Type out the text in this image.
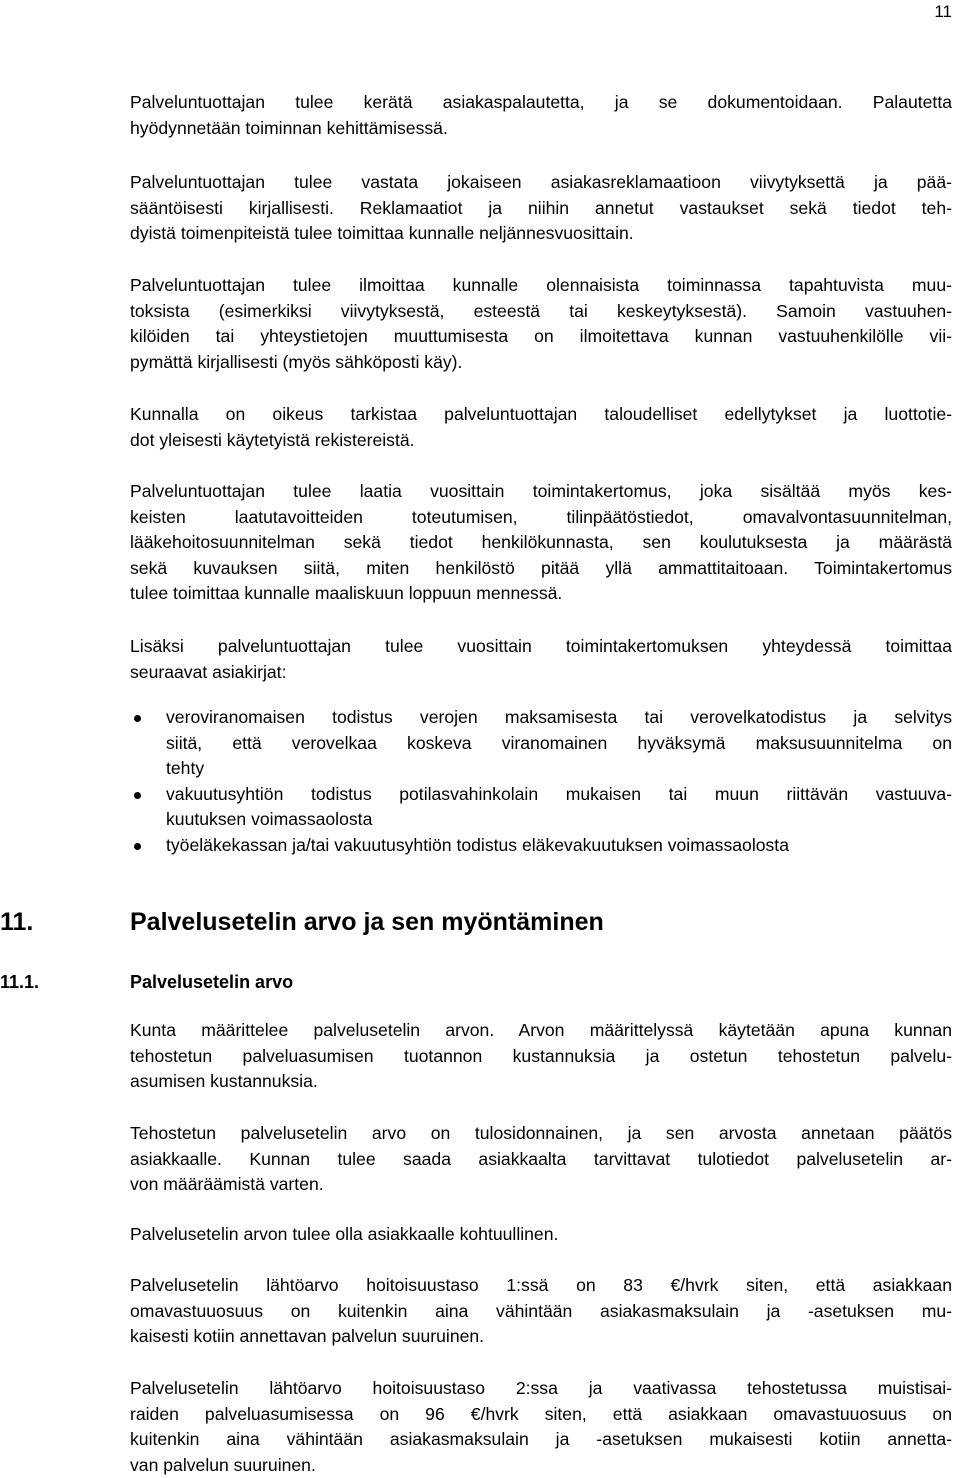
11

Palveluntuottajan tulee kerätä asiakaspalautetta, ja se dokumentoidaan. Palautetta
hyödynnetään toiminnan kehittämisessä.

Palveluntuottajan tulee vastata jokaiseen asiakasreklamaatioon viivytyksettä ja pää-
sääntöisesti kirjallisesti. Reklamaatiot ja niihin annetut vastaukset sekä tiedot teh-
dyistä toimenpiteistä tulee toimittaa kunnalle neljännesvuosittain.

Palveluntuottajan tulee ilmoittaa kunnalle olennaisista toiminnassa tapahtuvista muu-
toksista (esimerkiksi viivytyksestä, esteestä tai keskeytyksestä). Samoin vastuuhen-
kilöiden tai yhteystietojen muuttumisesta on ilmoitettava kunnan vastuuhenkilölle vii-
pymättä kirjallisesti (myös sähköposti käy).

Kunnalla on oikeus tarkistaa palveluntuottajan taloudelliset edellytykset ja luottotie-
dot yleisesti käytetyistä rekistereistä.

Palveluntuottajan tulee laatia vuosittain toimintakertomus, joka sisältää myös kes-
keisten laatutavoitteiden toteutumisen, tilinpäätöstiedot, omavalvontasuunnitelman,
lääkehoitosuunnitelman sekä tiedot henkilökunnasta, sen koulutuksesta ja määrästä
sekä kuvauksen siitä, miten henkilöstö pitää yllä ammattitaitoaan. Toimintakertomus
tulee toimittaa kunnalle maaliskuun loppuun mennessä.

Lisäksi palveluntuottajan tulee vuosittain toimintakertomuksen yhteydessä toimittaa
seuraavat asiakirjat:

veroviranomaisen todistus verojen maksamisesta tai verovelkatodistus ja selvitys
siitä, että verovelkaa koskeva viranomainen hyväksymä maksusuunnitelma on
tehty
vakuutusyhtiön todistus potilasvahinkolain mukaisen tai muun riittävän vastuuva-
kuutuksen voimassaolosta
työeläkekassan ja/tai vakuutusyhtiön todistus eläkevakuutuksen voimassaolosta
11.	Palvelusetelin arvo ja sen myöntäminen
11.1.	Palvelusetelin arvo

Kunta määrittelee palvelusetelin arvon. Arvon määrittelyssä käytetään apuna kunnan
tehostetun palveluasumisen tuotannon kustannuksia ja ostetun tehostetun palvelu-
asumisen kustannuksia.

Tehostetun palvelusetelin arvo on tulosidonnainen, ja sen arvosta annetaan päätös
asiakkaalle. Kunnan tulee saada asiakkaalta tarvittavat tulotiedot palvelusetelin ar-
von määräämistä varten.

Palvelusetelin arvon tulee olla asiakkaalle kohtuullinen.

Palvelusetelin lähtöarvo hoitoisuustaso 1:ssä on 83 €/hvrk siten, että asiakkaan
omavastuuosuus on kuitenkin aina vähintään asiakasmaksulain ja -asetuksen mu-
kaisesti kotiin annettavan palvelun suuruinen.

Palvelusetelin lähtöarvo hoitoisuustaso 2:ssa ja vaativassa tehostetussa muistisai-
raiden palveluasumisessa on 96 €/hvrk siten, että asiakkaan omavastuuosuus on
kuitenkin aina vähintään asiakasmaksulain ja -asetuksen mukaisesti kotiin annetta-
van palvelun suuruinen.
